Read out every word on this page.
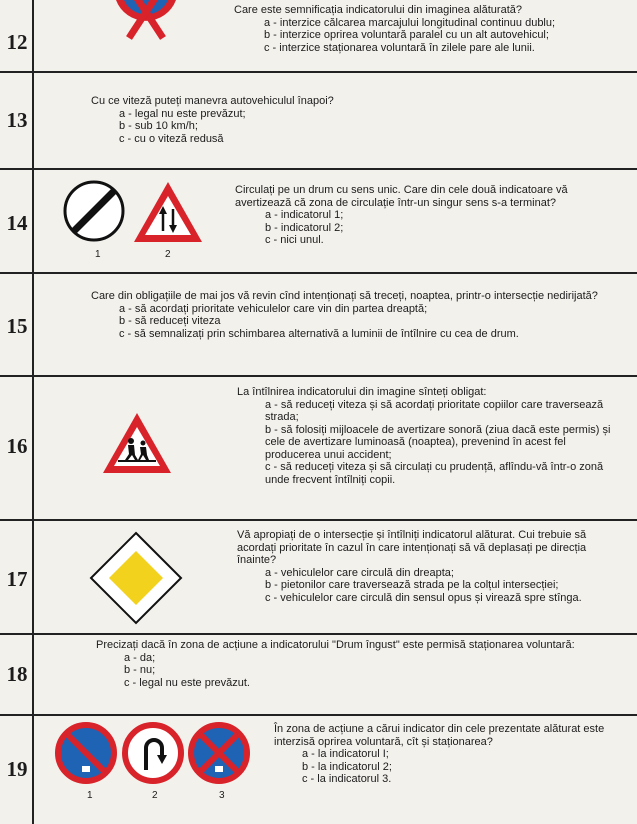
12
Care este semnificația indicatorului din imaginea alăturată?
a - interzice călcarea marcajului longitudinal continuu dublu;
b - interzice oprirea voluntară paralel cu un alt autovehicul;
c - interzice staționarea voluntară în zilele pare ale lunii.
13
Cu ce viteză puteți manevra autovehiculul înapoi?
a - legal nu este prevăzut;
b - sub 10 km/h;
c - cu o viteză redusă
14
1	2
Circulați pe un drum cu sens unic. Care din cele două indicatoare vă avertizează că zona de circulație într-un singur sens s-a terminat?
a - indicatorul 1;
b - indicatorul 2;
c - nici unul.
15
Care din obligațiile de mai jos vă revin cînd intenționați să treceți, noaptea, printr-o intersecție nedirijată?
a - să acordați prioritate vehiculelor care vin din partea dreaptă;
b - să reduceți viteza
c - să semnalizați prin schimbarea alternativă a luminii de întîlnire cu cea de drum.
16
La întîlnirea indicatorului din imagine sînteți obligat:
a - să reduceți viteza și să acordați prioritate copiilor care traversează strada;
b - să folosiți mijloacele de avertizare sonoră (ziua dacă este permis) și cele de avertizare luminoasă (noaptea), prevenind în acest fel producerea unui accident;
c - să reduceți viteza și să circulați cu prudență, aflîndu-vă într-o zonă unde frecvent întîlniți copii.
17
Vă apropiați de o intersecție și întîlniți indicatorul alăturat. Cui trebuie să acordați prioritate în cazul în care intenționați să vă deplasați pe direcția înainte?
a - vehiculelor care circulă din dreapta;
b - pietonilor care traversează strada pe la colțul intersecției;
c - vehiculelor care circulă din sensul opus și virează spre stînga.
18
Precizați dacă în zona de acțiune a indicatorului "Drum îngust" este permisă staționarea voluntară:
a - da;
b - nu;
c - legal nu este prevăzut.
19
1	2	3
În zona de acțiune a cărui indicator din cele prezentate alăturat este interzisă oprirea voluntară, cît și staționarea?
a - la indicatorul I;
b - la indicatorul 2;
c - la indicatorul 3.
